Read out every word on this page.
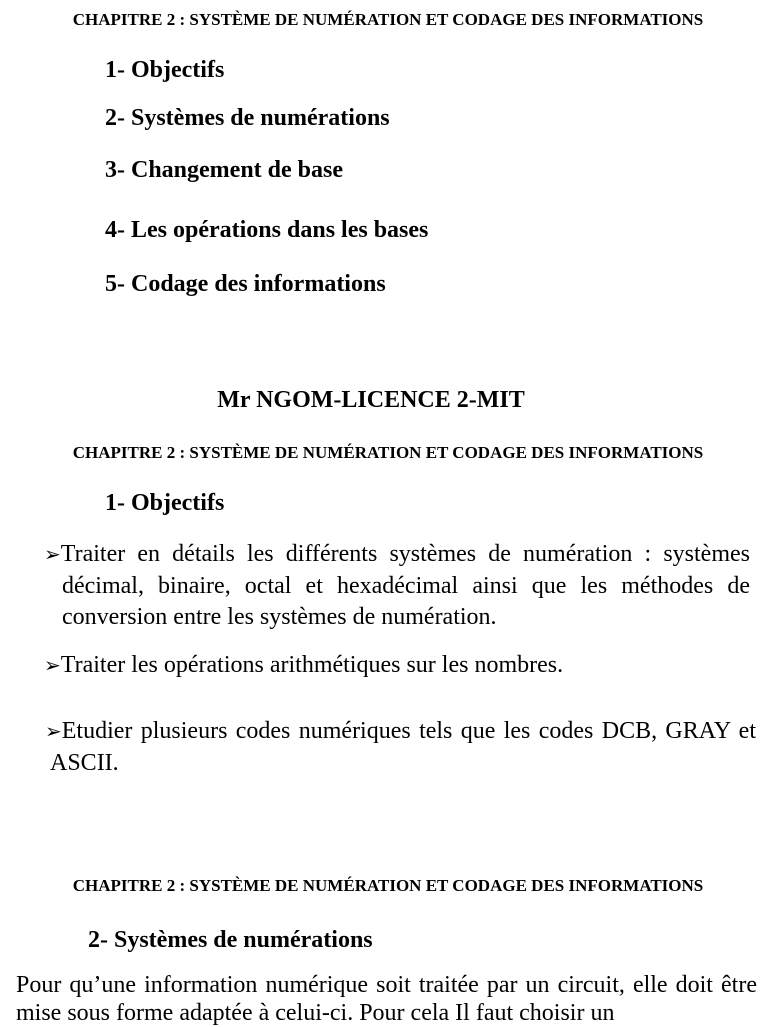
CHAPITRE 2 : SYSTÈME DE NUMÉRATION ET CODAGE DES INFORMATIONS
1- Objectifs
2- Systèmes de numérations
3- Changement de base
4- Les opérations dans les bases
5- Codage des informations
Mr NGOM-LICENCE 2-MIT
CHAPITRE 2 : SYSTÈME DE NUMÉRATION ET CODAGE DES INFORMATIONS
1- Objectifs
➢Traiter en détails les différents systèmes de numération : systèmes décimal, binaire, octal et hexadécimal ainsi que les méthodes de conversion entre les systèmes de numération.
➢Traiter les opérations arithmétiques sur les nombres.
➢Etudier plusieurs codes numériques tels que les codes DCB, GRAY et ASCII.
CHAPITRE 2 : SYSTÈME DE NUMÉRATION ET CODAGE DES INFORMATIONS
2- Systèmes de numérations
Pour qu’une information numérique soit traitée par un circuit, elle doit être mise sous forme adaptée à celui-ci. Pour cela Il faut choisir un
